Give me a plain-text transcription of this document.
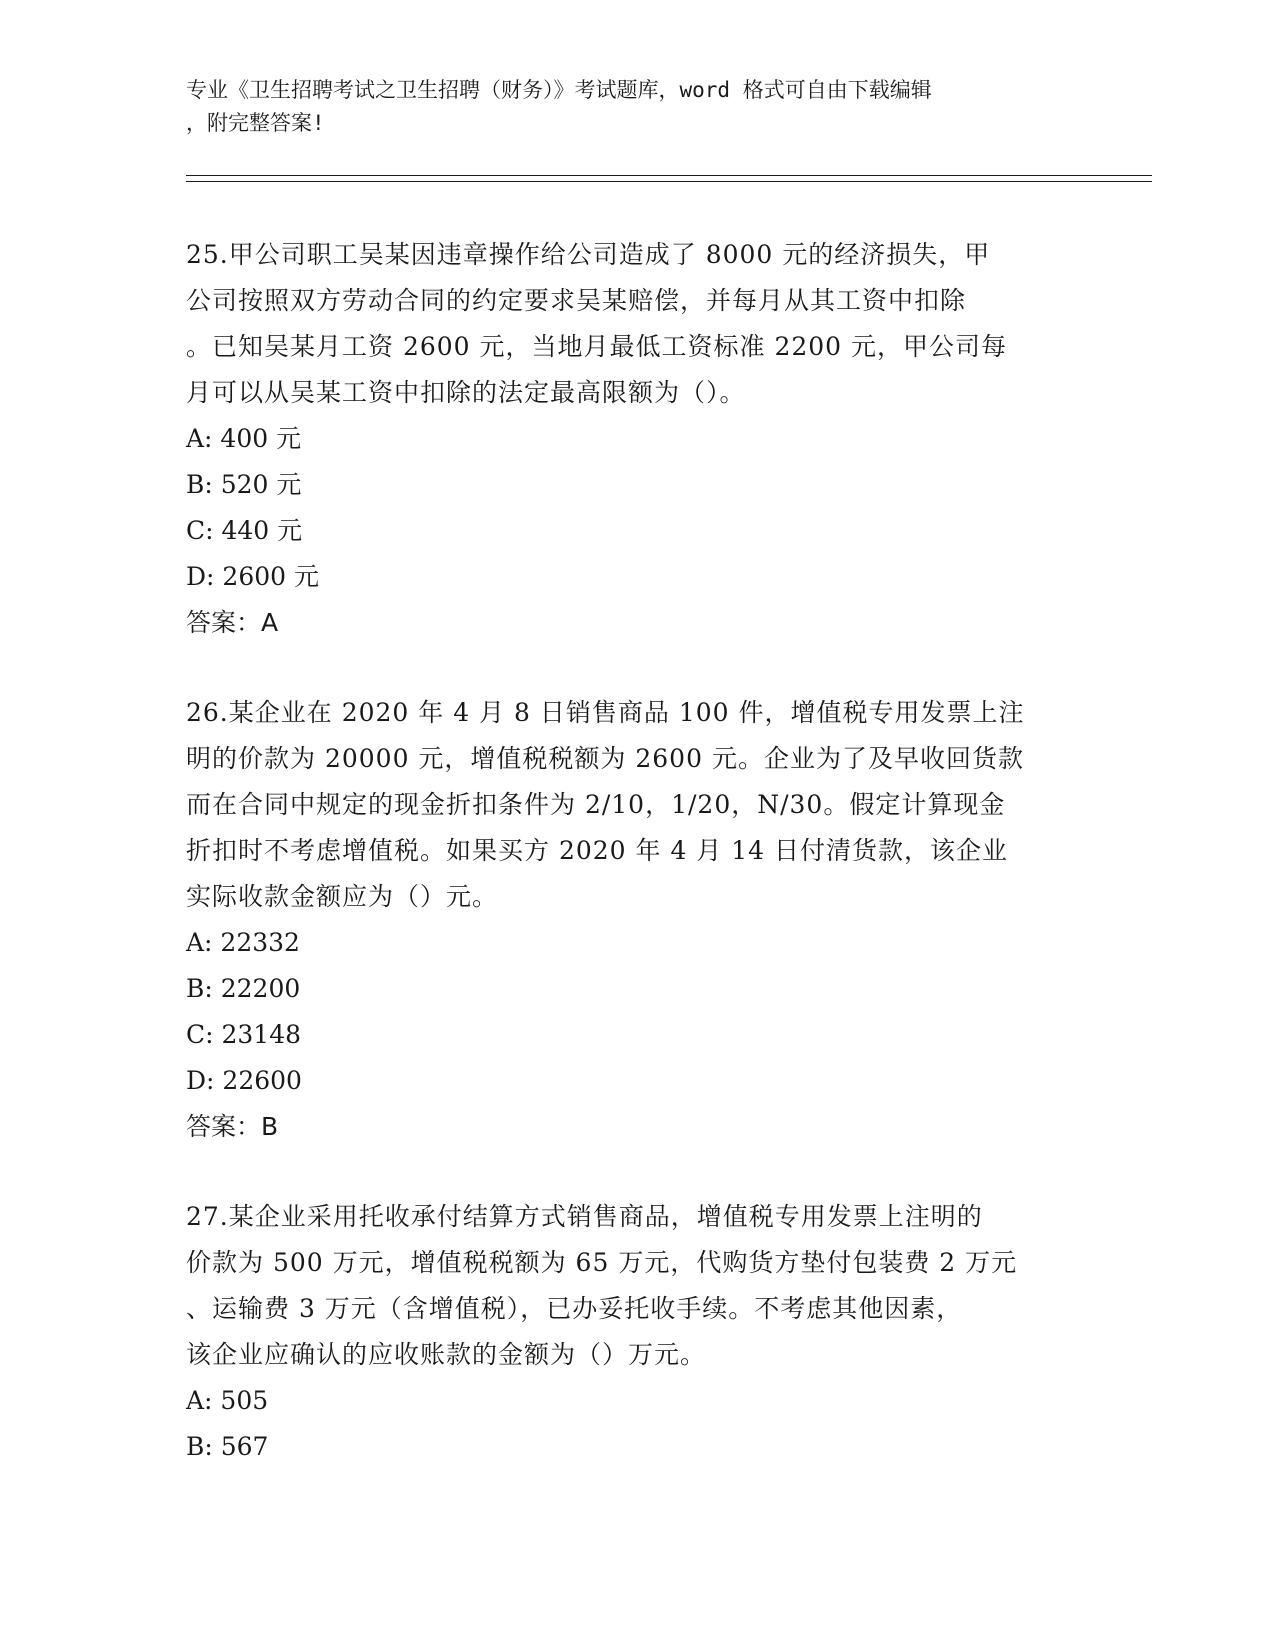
专业《卫生招聘考试之卫生招聘（财务）》考试题库，word 格式可自由下载编辑
，附完整答案!
25.甲公司职工吴某因违章操作给公司造成了 8000 元的经济损失，甲
公司按照双方劳动合同的约定要求吴某赔偿，并每月从其工资中扣除
。已知吴某月工资 2600 元，当地月最低工资标准 2200 元，甲公司每
月可以从吴某工资中扣除的法定最高限额为（）。
A: 400 元
B: 520 元
C: 440 元
D: 2600 元
答案：A
26.某企业在 2020 年 4 月 8 日销售商品 100 件，增值税专用发票上注
明的价款为 20000 元，增值税税额为 2600 元。企业为了及早收回货款
而在合同中规定的现金折扣条件为 2/10，1/20，N/30。假定计算现金
折扣时不考虑增值税。如果买方 2020 年 4 月 14 日付清货款，该企业
实际收款金额应为（）元。
A: 22332
B: 22200
C: 23148
D: 22600
答案：B
27.某企业采用托收承付结算方式销售商品，增值税专用发票上注明的
价款为 500 万元，增值税税额为 65 万元，代购货方垫付包装费 2 万元
、运输费 3 万元（含增值税），已办妥托收手续。不考虑其他因素，
该企业应确认的应收账款的金额为（）万元。
A: 505
B: 567
